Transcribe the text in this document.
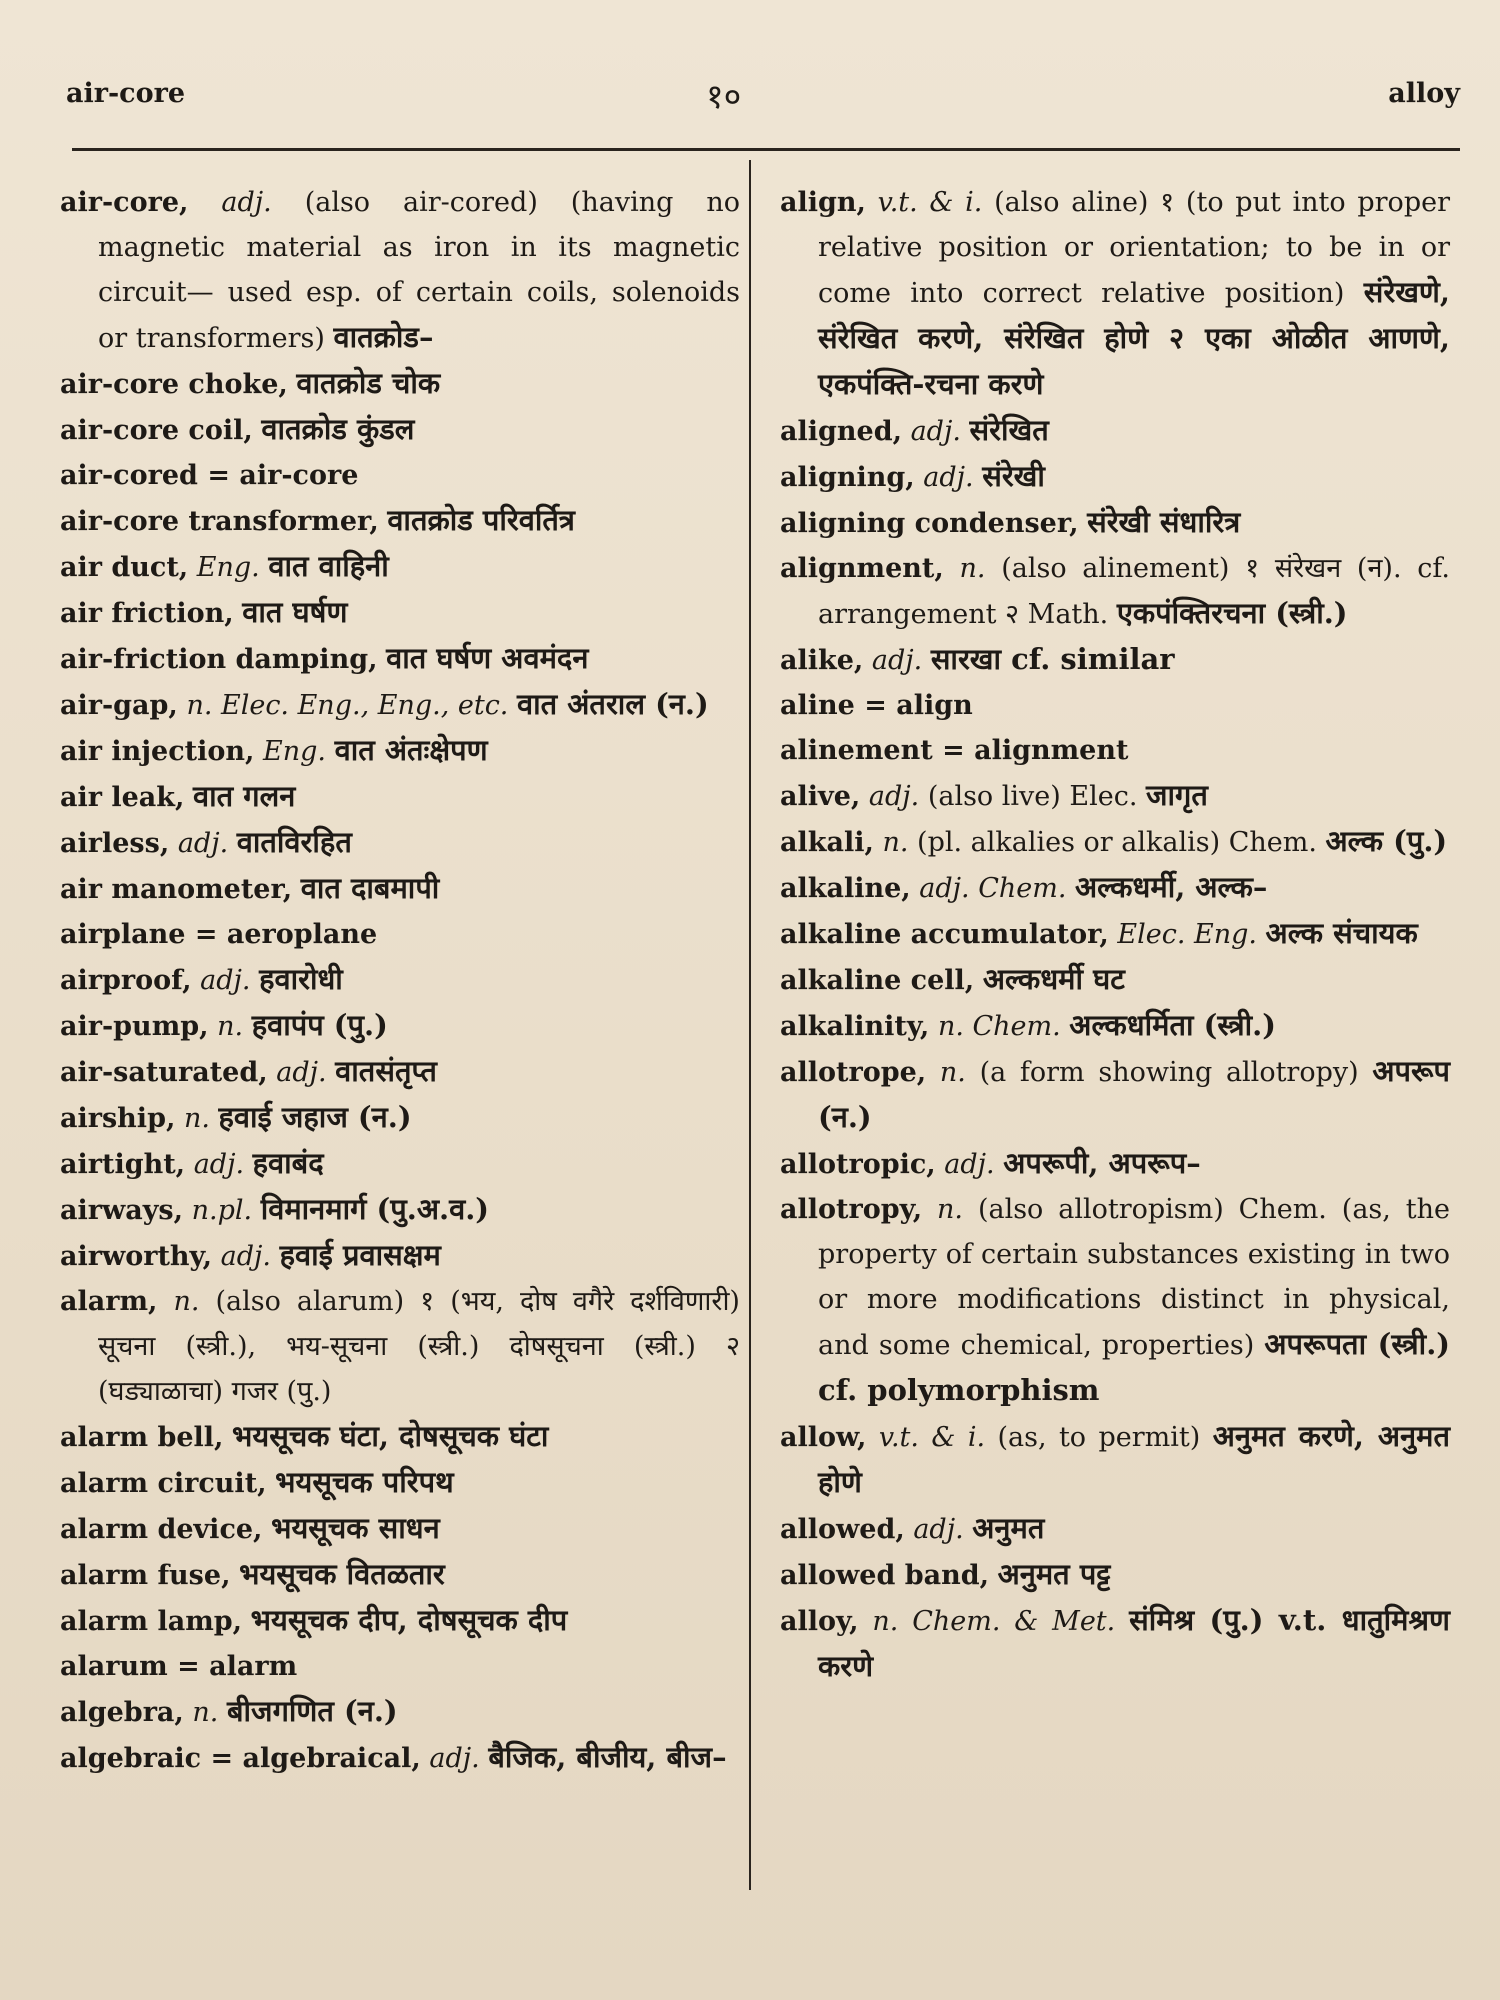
air-core	१०	alloy

air-core, adj. (also air-cored) (having no magnetic material as iron in its magnetic circuit— used esp. of certain coils, solenoids or transformers) वातक्रोड–

air-core choke, वातक्रोड चोक

air-core coil, वातक्रोड कुंडल

air-cored = air-core

air-core transformer, वातक्रोड परिवर्तित्र

air duct, Eng. वात वाहिनी

air friction, वात घर्षण

air-friction damping, वात घर्षण अवमंदन

air-gap, n. Elec. Eng., Eng., etc. वात अंतराल (न.)

air injection, Eng. वात अंतःक्षेपण

air leak, वात गलन

airless, adj. वातविरहित

air manometer, वात दाबमापी

airplane = aeroplane

airproof, adj. हवारोधी

air-pump, n. हवापंप (पु.)

air-saturated, adj. वातसंतृप्त

airship, n. हवाई जहाज (न.)

airtight, adj. हवाबंद

airways, n.pl. विमानमार्ग (पु.अ.व.)

airworthy, adj. हवाई प्रवासक्षम

alarm, n. (also alarum) १ (भय, दोष वगैरे दर्शविणारी) सूचना (स्त्री.), भय-सूचना (स्त्री.) दोषसूचना (स्त्री.) २ (घड्याळाचा) गजर (पु.)

alarm bell, भयसूचक घंटा, दोषसूचक घंटा

alarm circuit, भयसूचक परिपथ

alarm device, भयसूचक साधन

alarm fuse, भयसूचक वितळतार

alarm lamp, भयसूचक दीप, दोषसूचक दीप

alarum = alarm

algebra, n. बीजगणित (न.)

algebraic = algebraical, adj. बैजिक, बीजीय, बीज–

align, v.t. & i. (also aline) १ (to put into proper relative position or orientation; to be in or come into correct relative position) संरेखणे, संरेखित करणे, संरेखित होणे २ एका ओळीत आणणे, एकपंक्ति-रचना करणे

aligned, adj. संरेखित

aligning, adj. संरेखी

aligning condenser, संरेखी संधारित्र

alignment, n. (also alinement) १ संरेखन (न). cf. arrangement २ Math. एकपंक्तिरचना (स्त्री.)

alike, adj. सारखा cf. similar

aline = align

alinement = alignment

alive, adj. (also live) Elec. जागृत

alkali, n. (pl. alkalies or alkalis) Chem. अल्क (पु.)

alkaline, adj. Chem. अल्कधर्मी, अल्क–

alkaline accumulator, Elec. Eng. अल्क संचायक

alkaline cell, अल्कधर्मी घट

alkalinity, n. Chem. अल्कधर्मिता (स्त्री.)

allotrope, n. (a form showing allotropy) अपरूप (न.)

allotropic, adj. अपरूपी, अपरूप–

allotropy, n. (also allotropism) Chem. (as, the property of certain substances existing in two or more modifications distinct in physical, and some chemical, properties) अपरूपता (स्त्री.) cf. polymorphism

allow, v.t. & i. (as, to permit) अनुमत करणे, अनुमत होणे

allowed, adj. अनुमत

allowed band, अनुमत पट्ट

alloy, n. Chem. & Met. संमिश्र (पु.) v.t. धातुमिश्रण करणे
